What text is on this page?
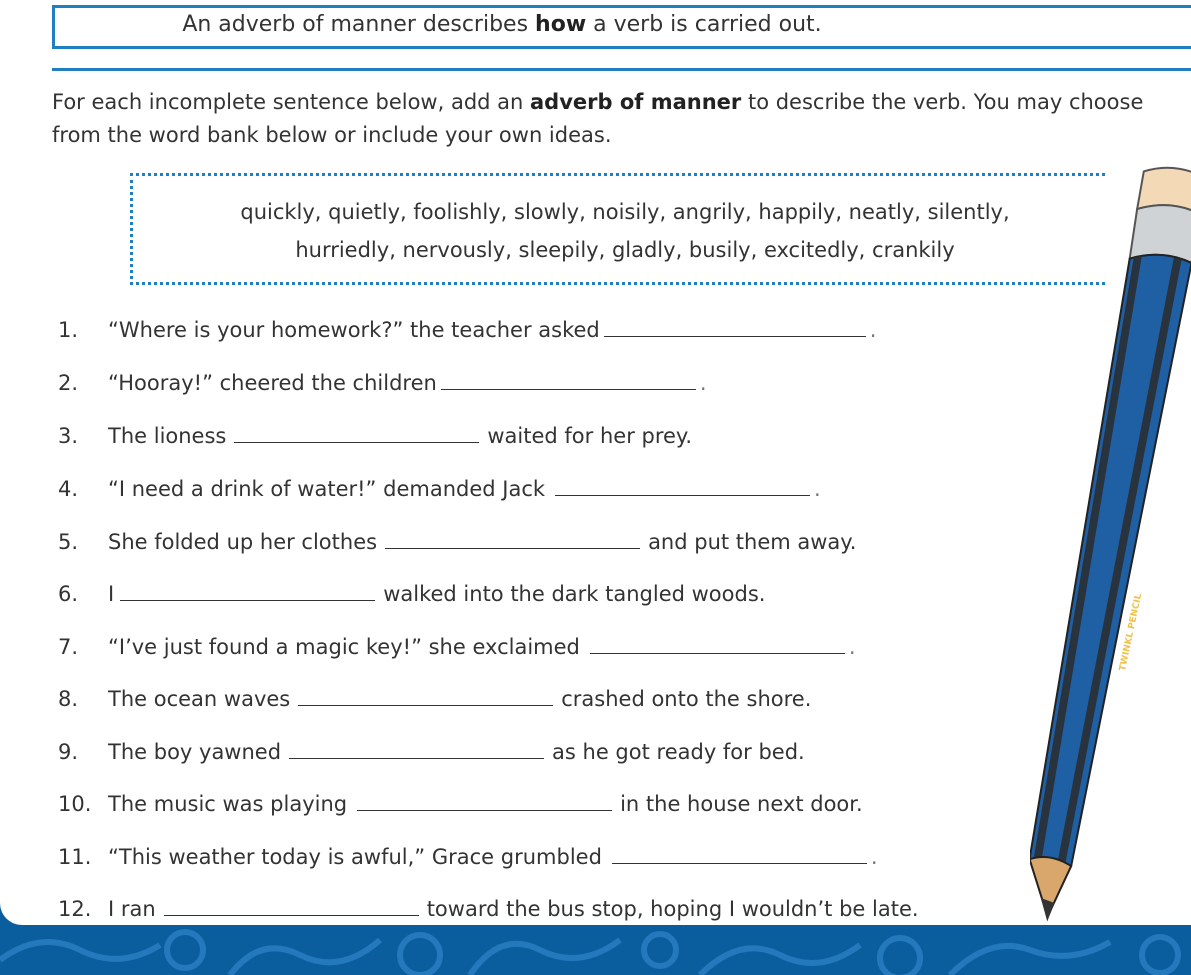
An adverb of manner describes how a verb is carried out.
For each incomplete sentence below, add an adverb of manner to describe the verb. You may choose from the word bank below or include your own ideas.
quickly, quietly, foolishly, slowly, noisily, angrily, happily, neatly, silently,
hurriedly, nervously, sleepily, gladly, busily, excitedly, crankily
1. “Where is your homework?” the teacher asked	.
2. “Hooray!” cheered the children	.
3. The lioness	waited for her prey.
4. “I need a drink of water!” demanded Jack	.
5. She folded up her clothes	and put them away.
6. I	walked into the dark tangled woods.
7. “I’ve just found a magic key!” she exclaimed	.
8. The ocean waves	crashed onto the shore.
9. The boy yawned	as he got ready for bed.
10. The music was playing	in the house next door.
11. “This weather today is awful,” Grace grumbled	.
12. I ran	toward the bus stop, hoping I wouldn’t be late.
TWINKL PENCIL
